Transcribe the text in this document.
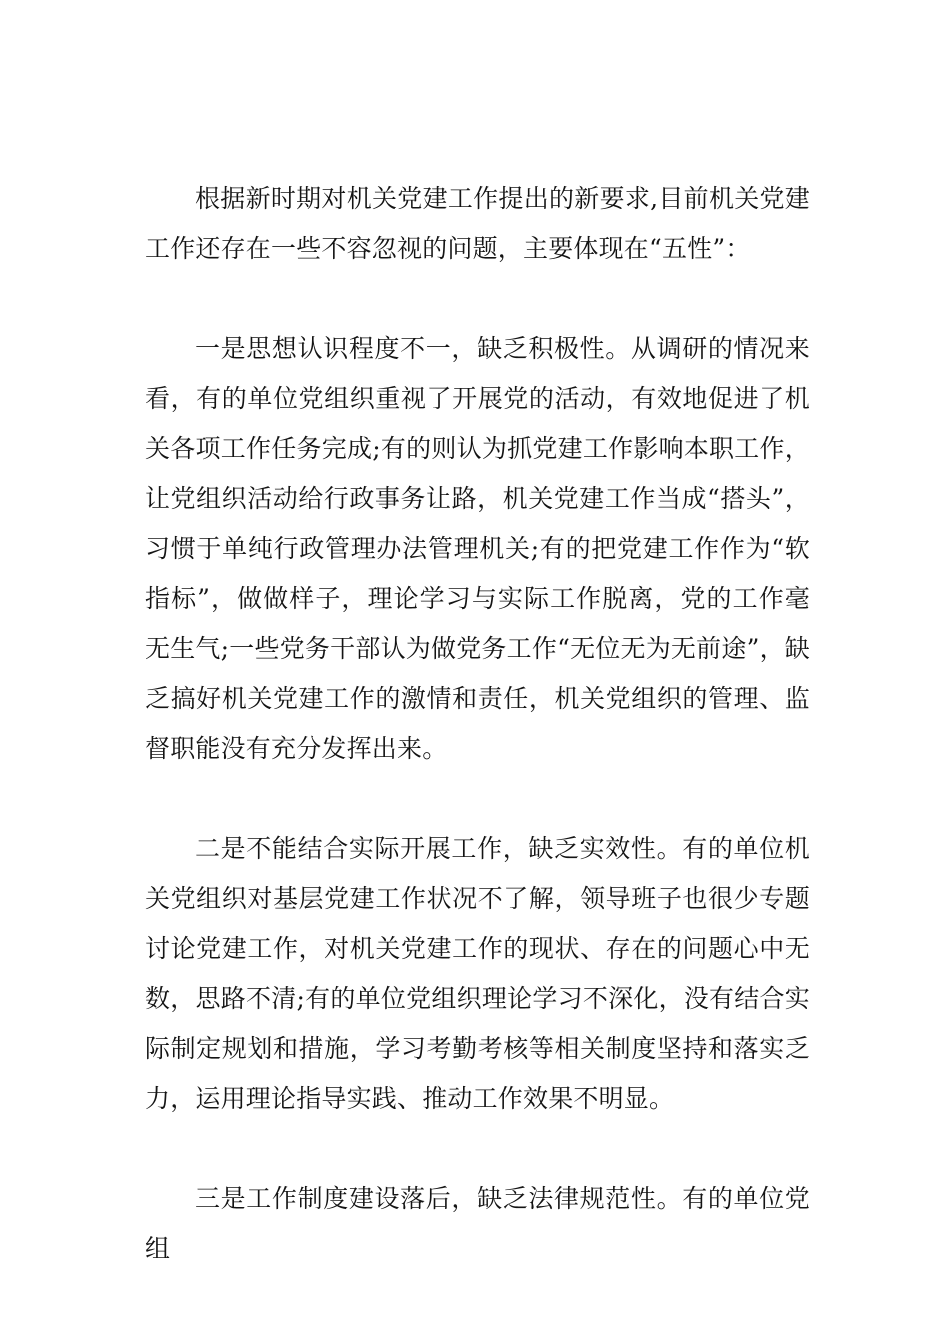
根据新时期对机关党建工作提出的新要求,目前机关党建工作还存在一些不容忽视的问题，主要体现在“五性”：

一是思想认识程度不一，缺乏积极性。从调研的情况来看，有的单位党组织重视了开展党的活动，有效地促进了机关各项工作任务完成;有的则认为抓党建工作影响本职工作，让党组织活动给行政事务让路，机关党建工作当成“搭头”，习惯于单纯行政管理办法管理机关;有的把党建工作作为“软指标”，做做样子，理论学习与实际工作脱离，党的工作毫无生气;一些党务干部认为做党务工作“无位无为无前途”，缺乏搞好机关党建工作的激情和责任，机关党组织的管理、监督职能没有充分发挥出来。

二是不能结合实际开展工作，缺乏实效性。有的单位机关党组织对基层党建工作状况不了解，领导班子也很少专题讨论党建工作，对机关党建工作的现状、存在的问题心中无数，思路不清;有的单位党组织理论学习不深化，没有结合实际制定规划和措施，学习考勤考核等相关制度坚持和落实乏力，运用理论指导实践、推动工作效果不明显。

三是工作制度建设落后，缺乏法律规范性。有的单位党组
